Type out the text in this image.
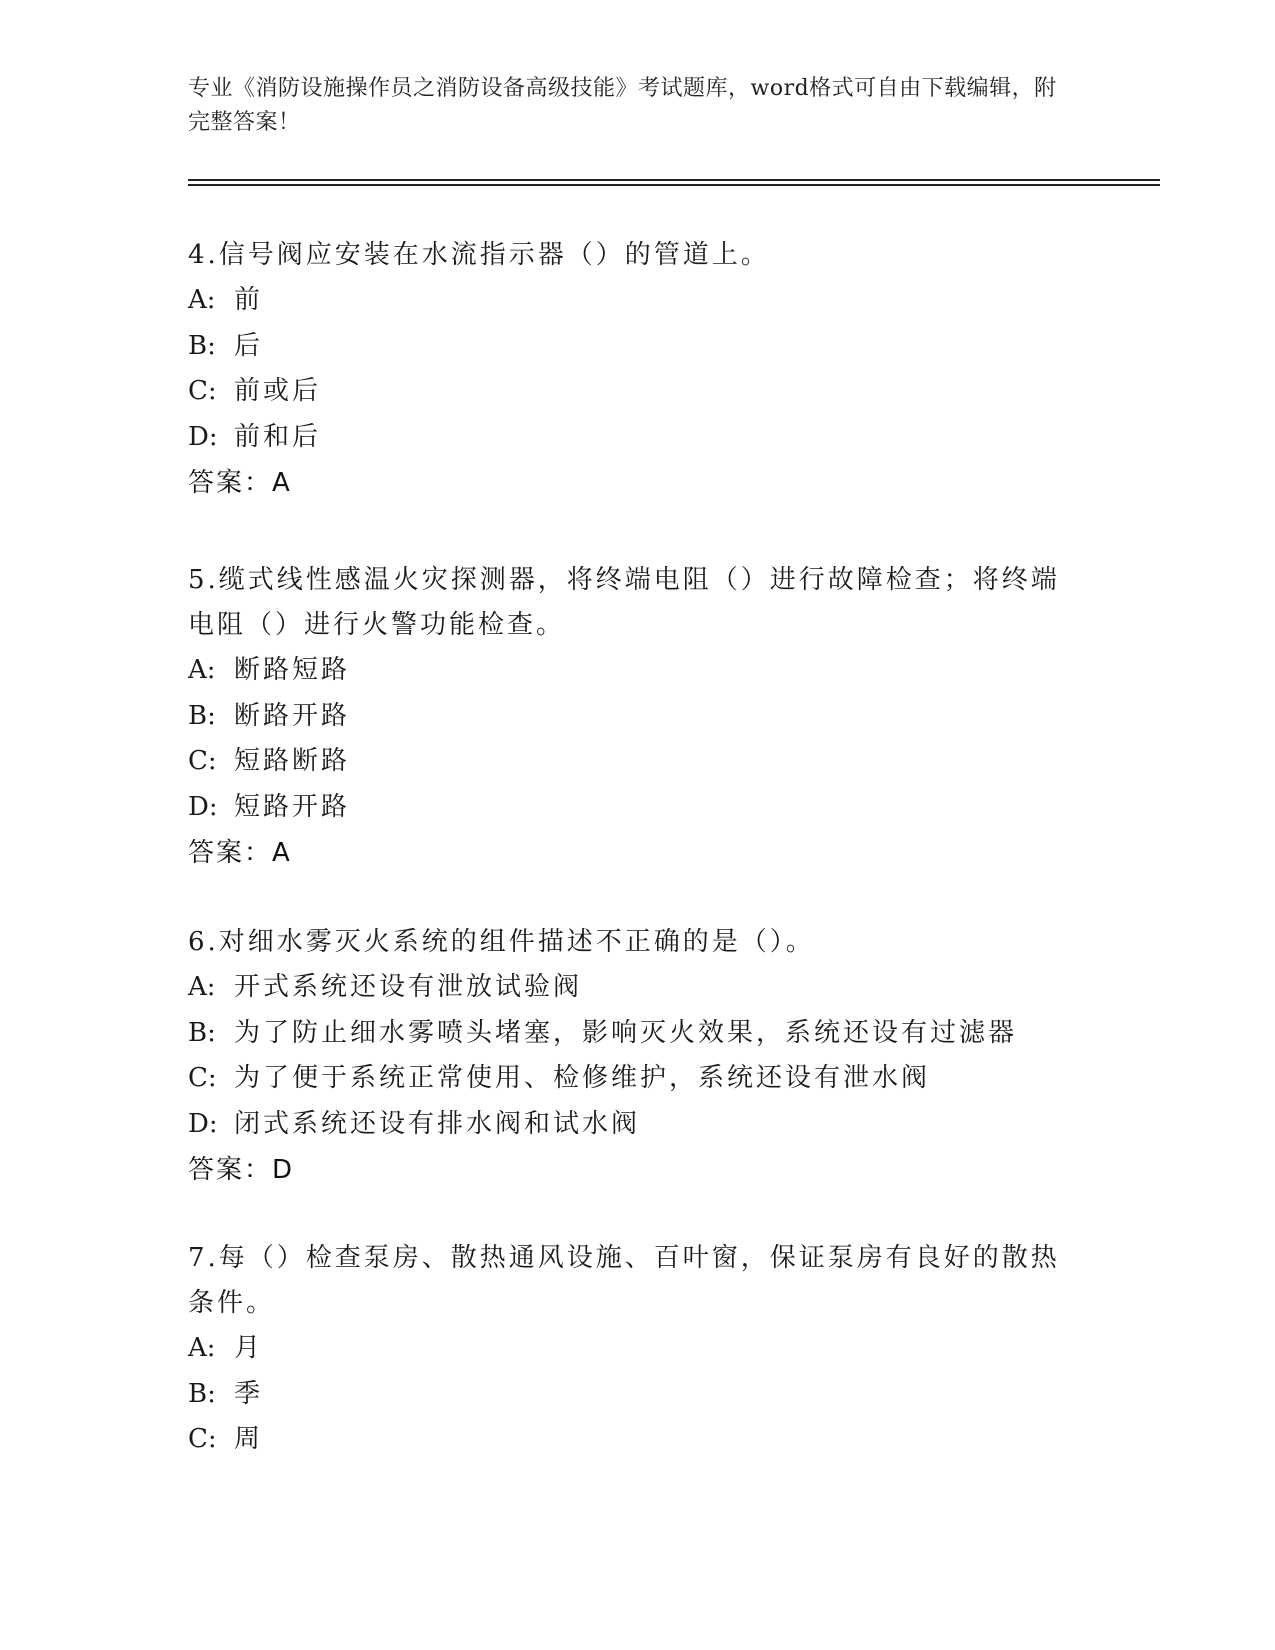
专业《消防设施操作员之消防设备高级技能》考试题库，word格式可自由下载编辑，附完整答案！

4.信号阀应安装在水流指示器（）的管道上。

A: 前

B: 后

C: 前或后

D: 前和后

答案：A

5.缆式线性感温火灾探测器，将终端电阻（）进行故障检查；将终端电阻（）进行火警功能检查。

A: 断路短路

B: 断路开路

C: 短路断路

D: 短路开路

答案：A

6.对细水雾灭火系统的组件描述不正确的是（）。

A: 开式系统还设有泄放试验阀

B: 为了防止细水雾喷头堵塞，影响灭火效果，系统还设有过滤器

C: 为了便于系统正常使用、检修维护，系统还设有泄水阀

D: 闭式系统还设有排水阀和试水阀

答案：D

7.每（）检查泵房、散热通风设施、百叶窗，保证泵房有良好的散热条件。

A: 月

B: 季

C: 周
